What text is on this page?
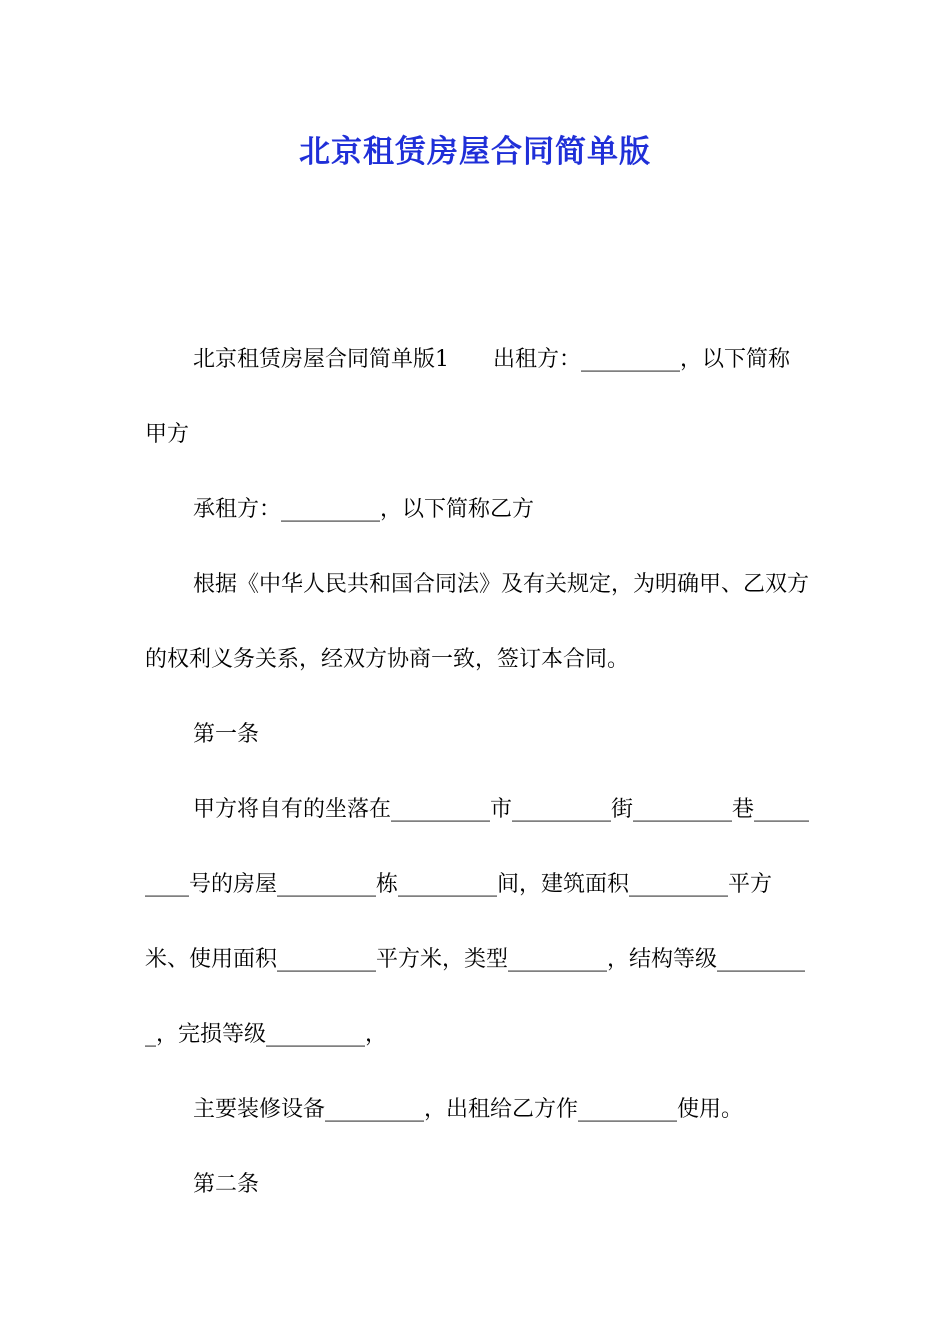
北京租赁房屋合同简单版

北京租赁房屋合同简单版1　　出租方：_________，以下简称甲方

承租方：_________，以下简称乙方

根据《中华人民共和国合同法》及有关规定，为明确甲、乙双方的权利义务关系，经双方协商一致，签订本合同。

第一条

甲方将自有的坐落在_________市_________街_________巷_________号的房屋_________栋_________间，建筑面积_________平方米、使用面积_________平方米，类型_________，结构等级_________，完损等级_________，

主要装修设备_________，出租给乙方作_________使用。

第二条
